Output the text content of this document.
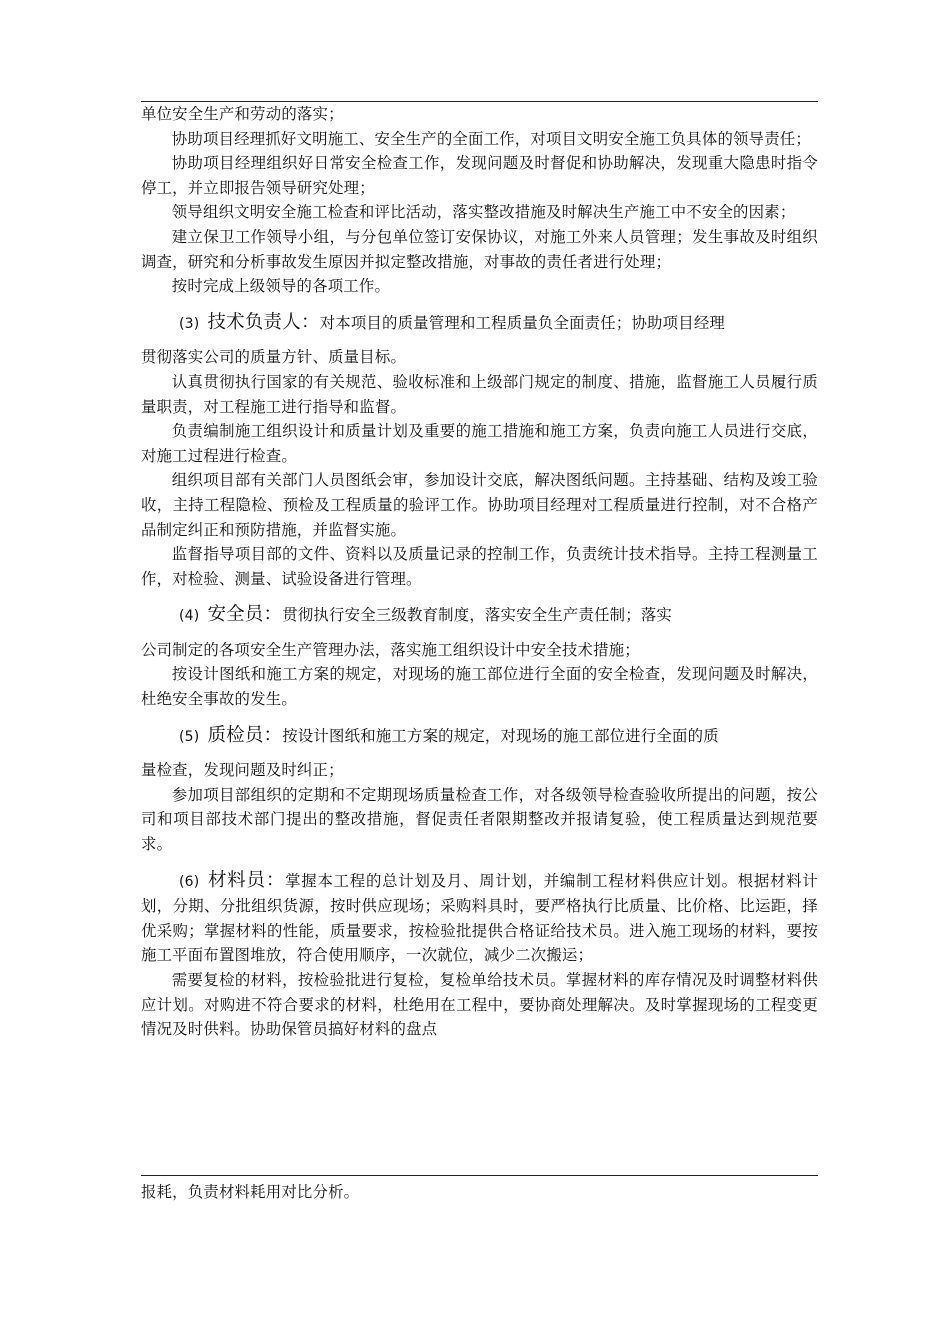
单位安全生产和劳动的落实；

协助项目经理抓好文明施工、安全生产的全面工作，对项目文明安全施工负具体的领导责任；

协助项目经理组织好日常安全检查工作，发现问题及时督促和协助解决，发现重大隐患时指令停工，并立即报告领导研究处理；

领导组织文明安全施工检查和评比活动，落实整改措施及时解决生产施工中不安全的因素；

建立保卫工作领导小组，与分包单位签订安保协议，对施工外来人员管理；发生事故及时组织调查，研究和分析事故发生原因并拟定整改措施，对事故的责任者进行处理；

按时完成上级领导的各项工作。

(3) 技术负责人：对本项目的质量管理和工程质量负全面责任；协助项目经理

贯彻落实公司的质量方针、质量目标。

认真贯彻执行国家的有关规范、验收标准和上级部门规定的制度、措施，监督施工人员履行质量职责，对工程施工进行指导和监督。

负责编制施工组织设计和质量计划及重要的施工措施和施工方案，负责向施工人员进行交底，对施工过程进行检查。

组织项目部有关部门人员图纸会审，参加设计交底，解决图纸问题。主持基础、结构及竣工验收，主持工程隐检、预检及工程质量的验评工作。协助项目经理对工程质量进行控制，对不合格产品制定纠正和预防措施，并监督实施。

监督指导项目部的文件、资料以及质量记录的控制工作，负责统计技术指导。主持工程测量工作，对检验、测量、试验设备进行管理。

(4) 安全员：贯彻执行安全三级教育制度，落实安全生产责任制；落实

公司制定的各项安全生产管理办法，落实施工组织设计中安全技术措施；

按设计图纸和施工方案的规定，对现场的施工部位进行全面的安全检查，发现问题及时解决，杜绝安全事故的发生。

(5) 质检员：按设计图纸和施工方案的规定，对现场的施工部位进行全面的质

量检查，发现问题及时纠正；

参加项目部组织的定期和不定期现场质量检查工作，对各级领导检查验收所提出的问题，按公司和项目部技术部门提出的整改措施，督促责任者限期整改并报请复验，使工程质量达到规范要求。

(6) 材料员：掌握本工程的总计划及月、周计划，并编制工程材料供应计划。根据材料计划，分期、分批组织货源，按时供应现场；采购料具时，要严格执行比质量、比价格、比运距，择优采购；掌握材料的性能，质量要求，按检验批提供合格证给技术员。进入施工现场的材料，要按施工平面布置图堆放，符合使用顺序，一次就位，减少二次搬运；

需要复检的材料，按检验批进行复检，复检单给技术员。掌握材料的库存情况及时调整材料供应计划。对购进不符合要求的材料，杜绝用在工程中，要协商处理解决。及时掌握现场的工程变更情况及时供料。协助保管员搞好材料的盘点

报耗，负责材料耗用对比分析。
